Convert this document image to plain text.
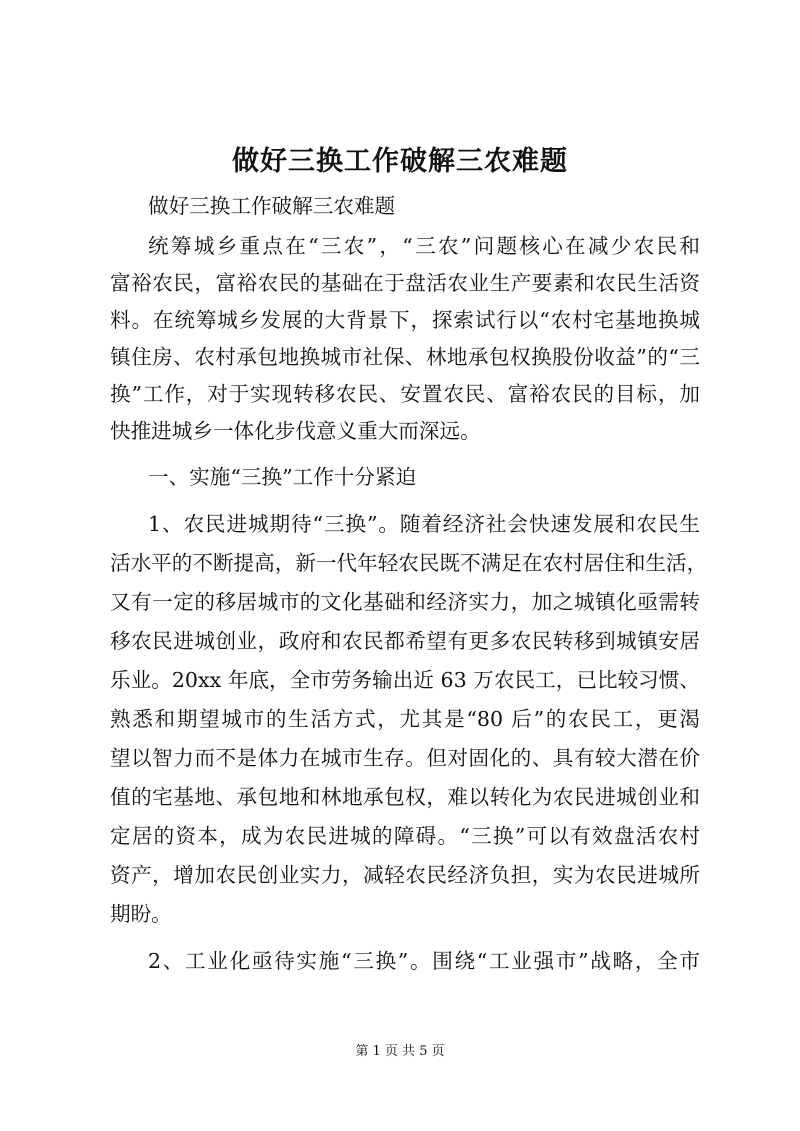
做好三换工作破解三农难题
做好三换工作破解三农难题
统筹城乡重点在“三农”，“三农”问题核心在减少农民和
富裕农民，富裕农民的基础在于盘活农业生产要素和农民生活资
料。在统筹城乡发展的大背景下，探索试行以“农村宅基地换城
镇住房、农村承包地换城市社保、林地承包权换股份收益”的“三
换”工作，对于实现转移农民、安置农民、富裕农民的目标，加
快推进城乡一体化步伐意义重大而深远。
一、实施“三换”工作十分紧迫
1、农民进城期待“三换”。随着经济社会快速发展和农民生
活水平的不断提高，新一代年轻农民既不满足在农村居住和生活，
又有一定的移居城市的文化基础和经济实力，加之城镇化亟需转
移农民进城创业，政府和农民都希望有更多农民转移到城镇安居
乐业。20xx 年底，全市劳务输出近 63 万农民工，已比较习惯、
熟悉和期望城市的生活方式，尤其是“80 后”的农民工，更渴
望以智力而不是体力在城市生存。但对固化的、具有较大潜在价
值的宅基地、承包地和林地承包权，难以转化为农民进城创业和
定居的资本，成为农民进城的障碍。“三换”可以有效盘活农村
资产，增加农民创业实力，减轻农民经济负担，实为农民进城所
期盼。
2、工业化亟待实施“三换”。围绕“工业强市”战略，全市
第 1 页 共 5 页
